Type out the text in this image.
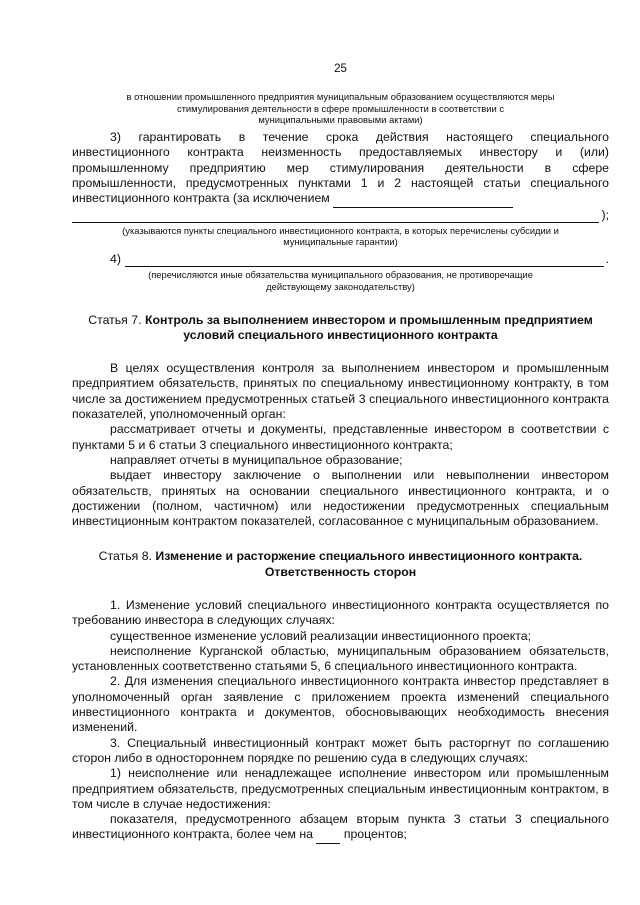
25
в отношении промышленного предприятия муниципальным образованием осуществляются меры
стимулирования деятельности в сфере промышленности в соответствии с
муниципальными правовыми актами)

3) гарантировать в течение срока действия настоящего специального инвестиционного контракта неизменность предоставляемых инвестору и (или) промышленному предприятию мер стимулирования деятельности в сфере промышленности, предусмотренных пунктами 1 и 2 настоящей статьи специального инвестиционного контракта (за исключением

);
(указываются пункты специального инвестиционного контракта, в которых перечислены субсидии и
муниципальные гарантии)
4)	.
(перечисляются иные обязательства муниципального образования, не противоречащие
действующему законодательству)
Статья 7. Контроль за выполнением инвестором и промышленным предприятием условий специального инвестиционного контракта

В целях осуществления контроля за выполнением инвестором и промышленным предприятием обязательств, принятых по специальному инвестиционному контракту, в том числе за достижением предусмотренных статьей 3 специального инвестиционного контракта показателей, уполномоченный орган:

рассматривает отчеты и документы, представленные инвестором в соответствии с пунктами 5 и 6 статьи 3 специального инвестиционного контракта;

направляет отчеты в муниципальное образование;

выдает инвестору заключение о выполнении или невыполнении инвестором обязательств, принятых на основании специального инвестиционного контракта, и о достижении (полном, частичном) или недостижении предусмотренных специальным инвестиционным контрактом показателей, согласованное с муниципальным образованием.

Статья 8. Изменение и расторжение специального инвестиционного контракта. Ответственность сторон

1. Изменение условий специального инвестиционного контракта осуществляется по требованию инвестора в следующих случаях:

существенное изменение условий реализации инвестиционного проекта;

неисполнение Курганской областью, муниципальным образованием обязательств, установленных соответственно статьями 5, 6 специального инвестиционного контракта.

2. Для изменения специального инвестиционного контракта инвестор представляет в уполномоченный орган заявление с приложением проекта изменений специального инвестиционного контракта и документов, обосновывающих необходимость внесения изменений.

3. Специальный инвестиционный контракт может быть расторгнут по соглашению сторон либо в одностороннем порядке по решению суда в следующих случаях:

1) неисполнение или ненадлежащее исполнение инвестором или промышленным предприятием обязательств, предусмотренных специальным инвестиционным контрактом, в том числе в случае недостижения:

показателя, предусмотренного абзацем вторым пункта 3 статьи 3 специального инвестиционного контракта, более чем на	процентов;
